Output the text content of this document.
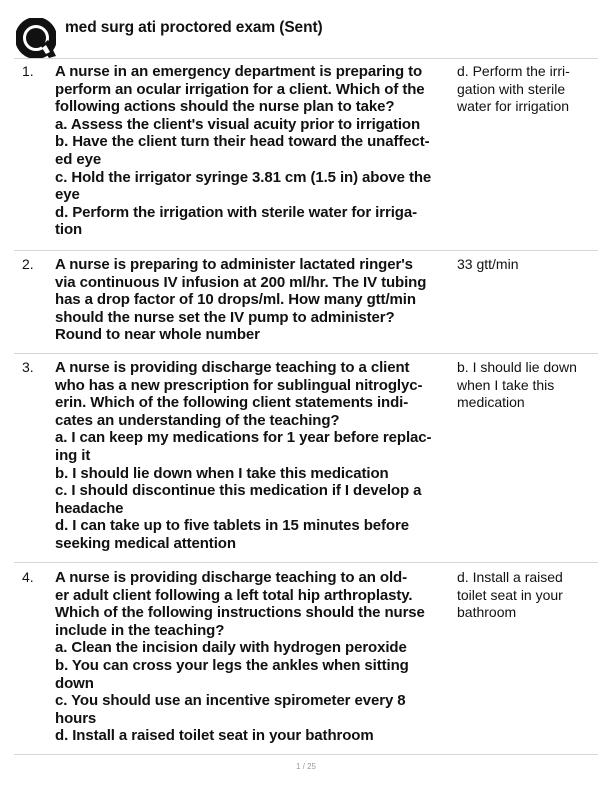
med surg ati proctored exam (Sent)
1. A nurse in an emergency department is preparing to
perform an ocular irrigation for a client. Which of the
following actions should the nurse plan to take?
a. Assess the client's visual acuity prior to irrigation
b. Have the client turn their head toward the unaffect-
ed eye
c. Hold the irrigator syringe 3.81 cm (1.5 in) above the
eye
d. Perform the irrigation with sterile water for irriga-
tion
d. Perform the irri-
gation with sterile
water for irrigation
2. A nurse is preparing to administer lactated ringer's
via continuous IV infusion at 200 ml/hr. The IV tubing
has a drop factor of 10 drops/ml. How many gtt/min
should the nurse set the IV pump to administer?
Round to near whole number
33 gtt/min
3. A nurse is providing discharge teaching to a client
who has a new prescription for sublingual nitroglyc-
erin. Which of the following client statements indi-
cates an understanding of the teaching?
a. I can keep my medications for 1 year before replac-
ing it
b. I should lie down when I take this medication
c. I should discontinue this medication if I develop a
headache
d. I can take up to five tablets in 15 minutes before
seeking medical attention
b. I should lie down
when I take this
medication
4. A nurse is providing discharge teaching to an old-
er adult client following a left total hip arthroplasty.
Which of the following instructions should the nurse
include in the teaching?
a. Clean the incision daily with hydrogen peroxide
b. You can cross your legs the ankles when sitting
down
c. You should use an incentive spirometer every 8
hours
d. Install a raised toilet seat in your bathroom
d. Install a raised
toilet seat in your
bathroom
1 / 25
